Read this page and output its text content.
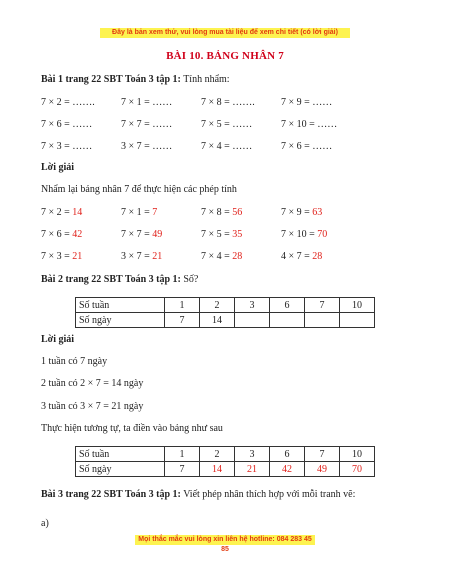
Đây là bản xem thử, vui lòng mua tài liệu để xem chi tiết (có lời giải)
BÀI 10. BẢNG NHÂN 7
Bài 1 trang 22 SBT Toán 3 tập 1: Tính nhẩm:
7 × 2 = …….	7 × 1 = ……	7 × 8 = …….	7 × 9 = ……
7 × 6 = ……	7 × 7 = ……	7 × 5 = ……	7 × 10 = ……
7 × 3 = ……	3 × 7 = ……	7 × 4 = ……	7 × 6 = ……
Lời giải
Nhẩm lại bảng nhân 7 để thực hiện các phép tính
7 × 2 = 14	7 × 1 = 7	7 × 8 = 56	7 × 9 = 63
7 × 6 = 42	7 × 7 = 49	7 × 5 = 35	7 × 10 = 70
7 × 3 = 21	3 × 7 = 21	7 × 4 = 28	4 × 7 = 28
Bài 2 trang 22 SBT Toán 3 tập 1: Số?
Số tuần	1	2	3	6	7	10
Số ngày	7	14				
Lời giải
1 tuần có 7 ngày
2 tuần có 2 × 7 = 14 ngày
3 tuần có 3 × 7 = 21 ngày
Thực hiện tương tự, ta điền vào bảng như sau
Số tuần	1	2	3	6	7	10
Số ngày	7	14	21	42	49	70
Bài 3 trang 22 SBT Toán 3 tập 1: Viết phép nhân thích hợp với mỗi tranh vẽ:
a)
Mọi thắc mắc vui lòng xin liên hệ hotline: 084 283 45 85
